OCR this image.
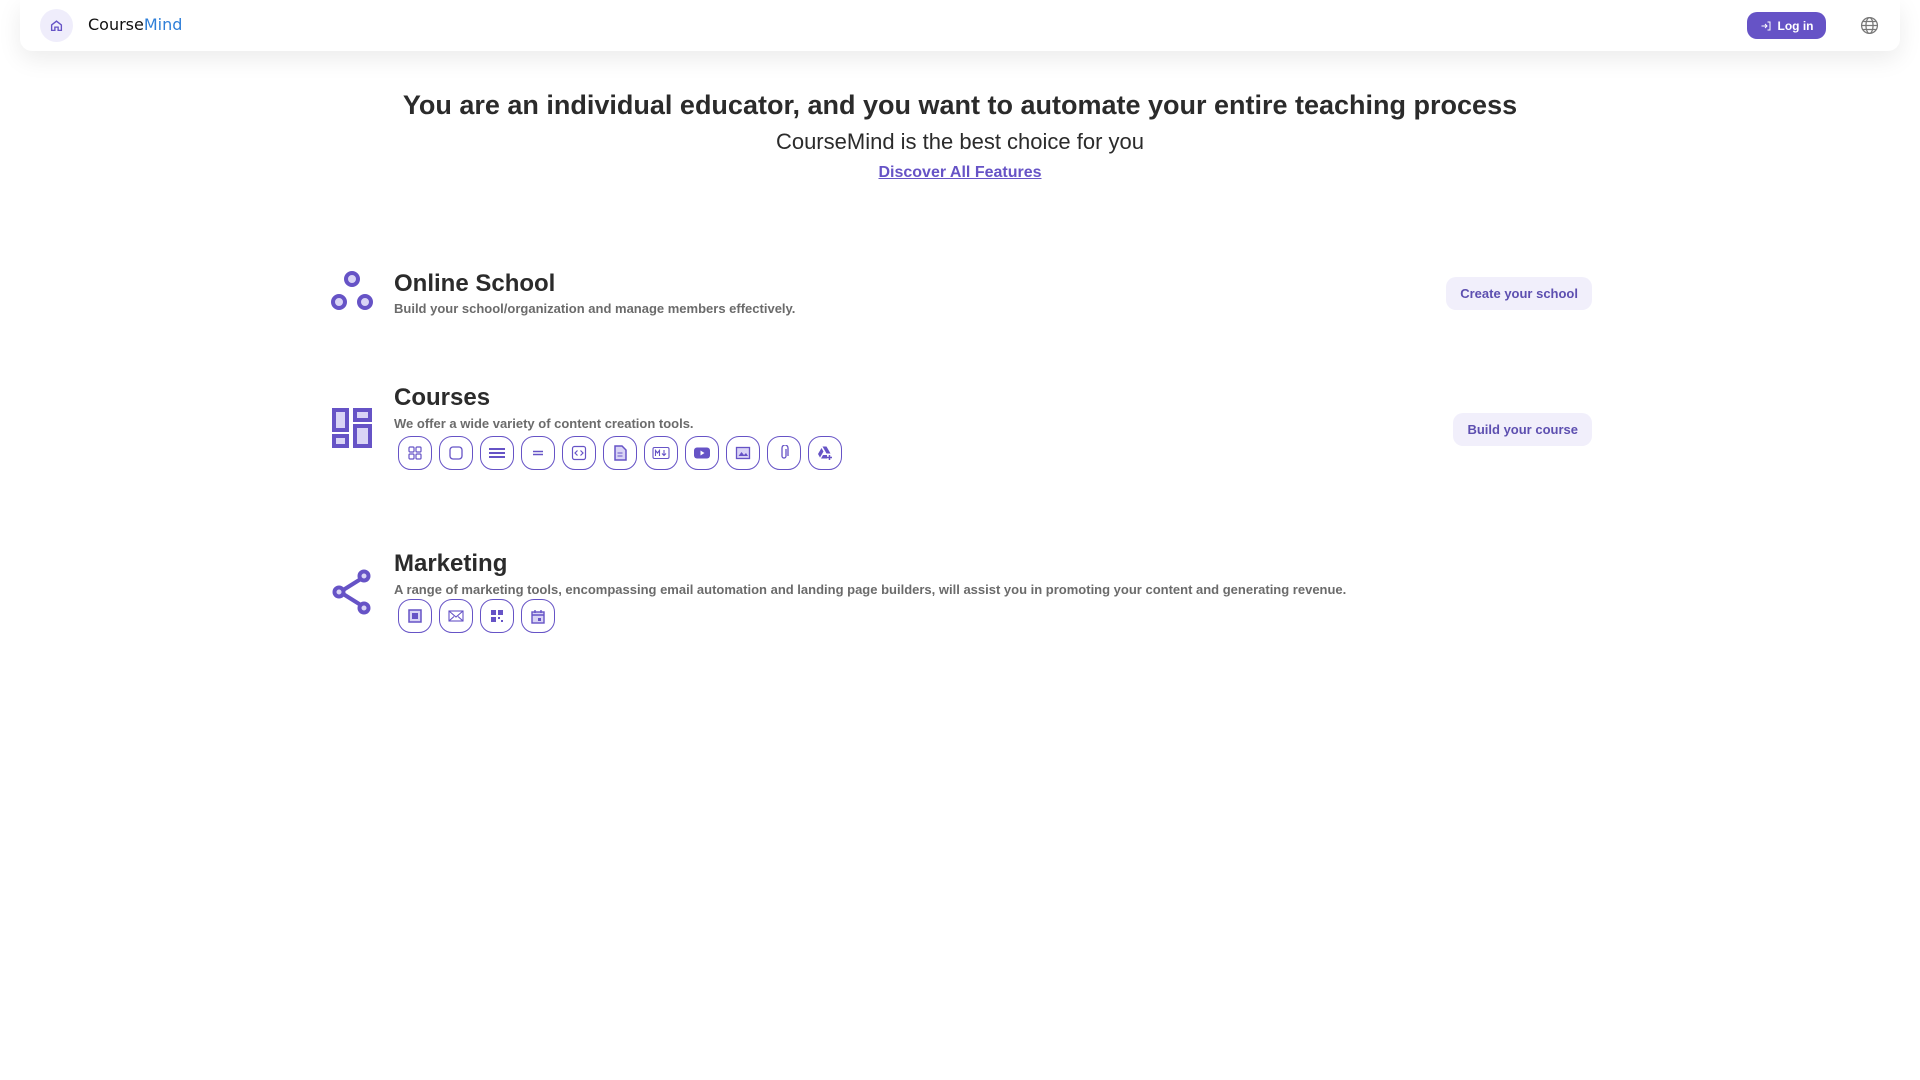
CourseMind	Log in
You are an individual educator, and you want to automate your entire teaching process
CourseMind is the best choice for you
Discover All Features
Online School
Build your school/organization and manage members effectively.
Create your school
Courses
We offer a wide variety of content creation tools.	Build your course
Marketing
A range of marketing tools, encompassing email automation and landing page builders, will assist you in promoting your content and generating revenue.
